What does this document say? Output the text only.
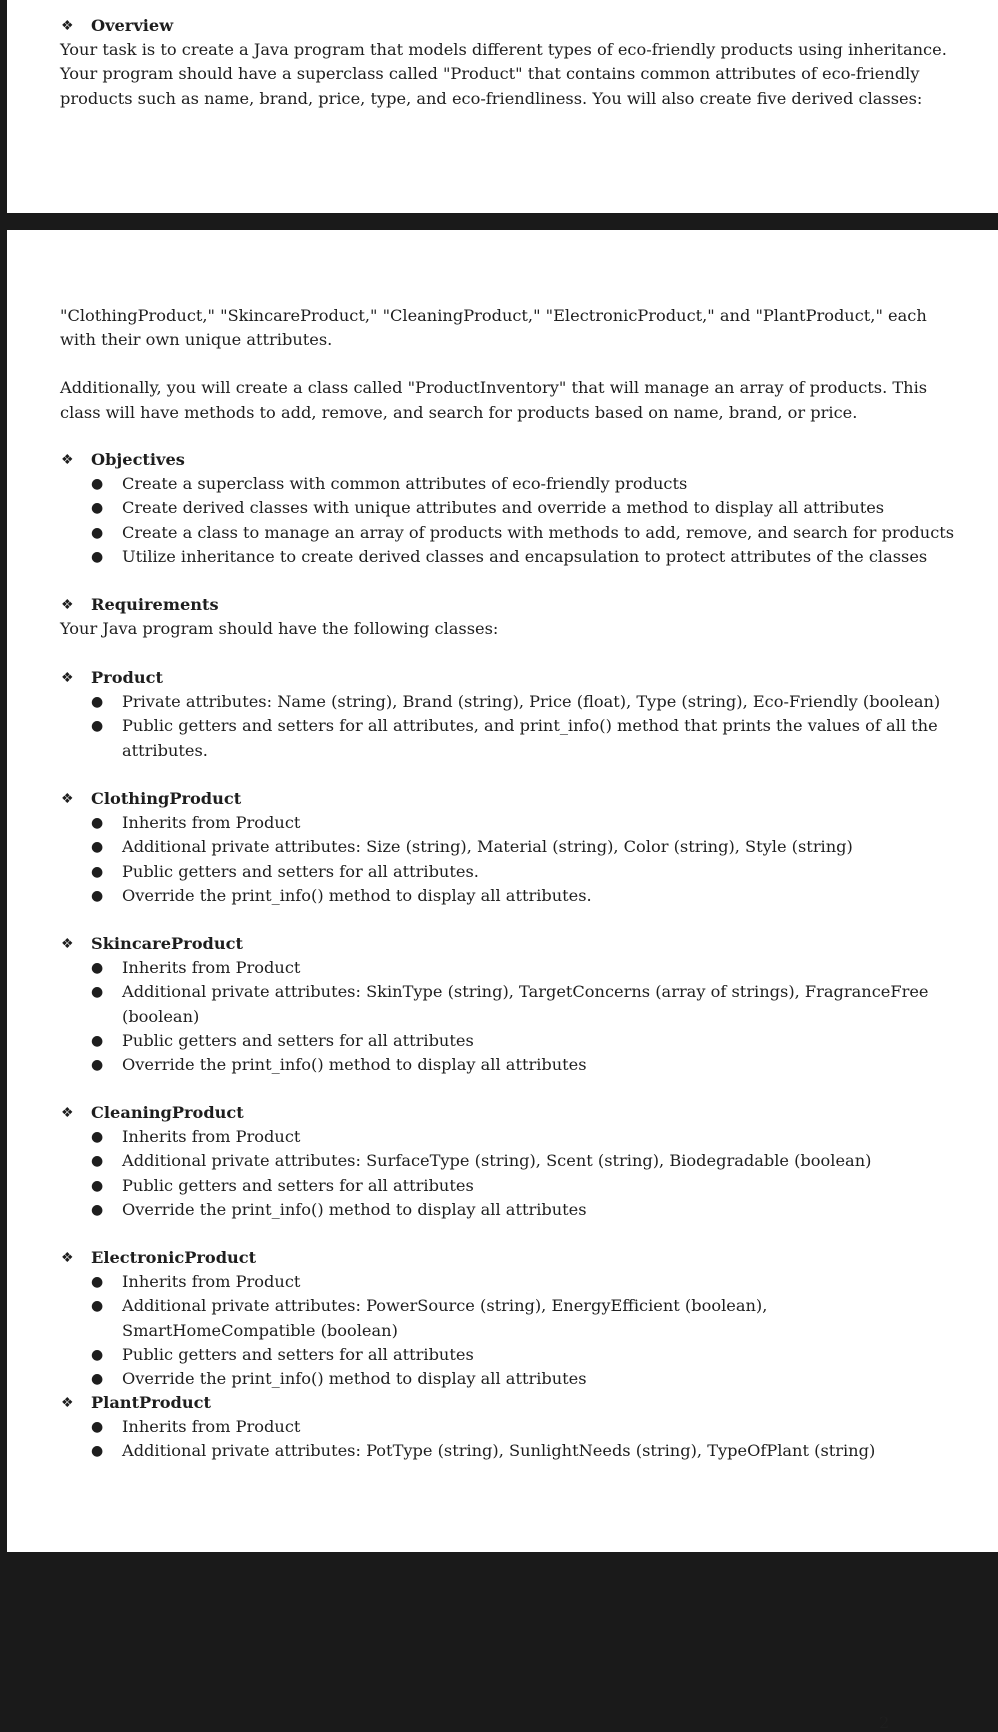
❖ Overview

Your task is to create a Java program that models different types of eco-friendly products using inheritance. Your program should have a superclass called "Product" that contains common attributes of eco-friendly products such as name, brand, price, type, and eco-friendliness. You will also create five derived classes:

"ClothingProduct," "SkincareProduct," "CleaningProduct," "ElectronicProduct," and "PlantProduct," each with their own unique attributes.

Additionally, you will create a class called "ProductInventory" that will manage an array of products. This class will have methods to add, remove, and search for products based on name, brand, or price.

❖ Objectives
● Create a superclass with common attributes of eco-friendly products
● Create derived classes with unique attributes and override a method to display all attributes
● Create a class to manage an array of products with methods to add, remove, and search for products
● Utilize inheritance to create derived classes and encapsulation to protect attributes of the classes
❖ Requirements

Your Java program should have the following classes:

❖ Product
● Private attributes: Name (string), Brand (string), Price (float), Type (string), Eco-Friendly (boolean)
● Public getters and setters for all attributes, and print_info() method that prints the values of all the attributes.
❖ ClothingProduct
● Inherits from Product
● Additional private attributes: Size (string), Material (string), Color (string), Style (string)
● Public getters and setters for all attributes.
● Override the print_info() method to display all attributes.
❖ SkincareProduct
● Inherits from Product
● Additional private attributes: SkinType (string), TargetConcerns (array of strings), FragranceFree (boolean)
● Public getters and setters for all attributes
● Override the print_info() method to display all attributes
❖ CleaningProduct
● Inherits from Product
● Additional private attributes: SurfaceType (string), Scent (string), Biodegradable (boolean)
● Public getters and setters for all attributes
● Override the print_info() method to display all attributes
❖ ElectronicProduct
● Inherits from Product
● Additional private attributes: PowerSource (string), EnergyEfficient (boolean), SmartHomeCompatible (boolean)
● Public getters and setters for all attributes
● Override the print_info() method to display all attributes
❖ PlantProduct
● Inherits from Product
● Additional private attributes: PotType (string), SunlightNeeds (string), TypeOfPlant (string)
2
